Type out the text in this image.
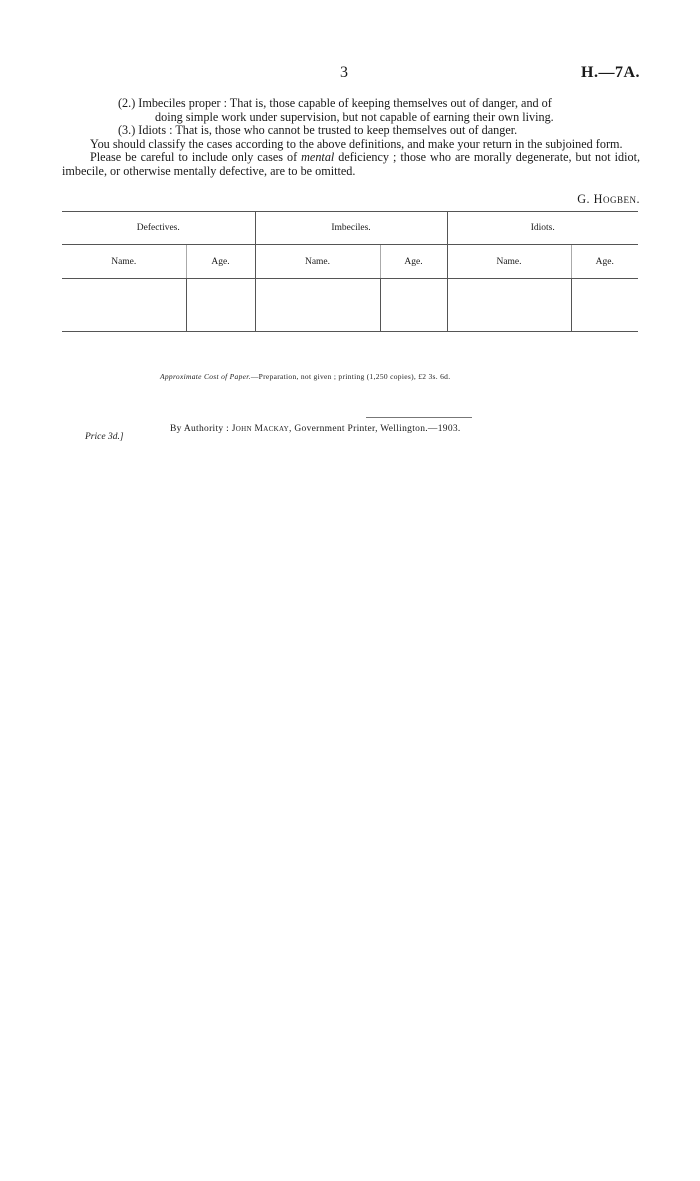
3	H.—7A.
(2.) Imbeciles proper : That is, those capable of keeping themselves out of danger, and of
doing simple work under supervision, but not capable of earning their own living.
(3.) Idiots : That is, those who cannot be trusted to keep themselves out of danger.
You should classify the cases according to the above definitions, and make your return in the subjoined form.
Please be careful to include only cases of mental deficiency ; those who are morally degenerate, but not idiot, imbecile, or otherwise mentally defective, are to be omitted.
G. Hogben.

Defectives.		Imbeciles.		Idiots.	
Name.	Age.	Name.	Age.	Name.	Age.

Approximate Cost of Paper.—Preparation, not given ; printing (1,250 copies), £2 3s. 6d.
By Authority : John Mackay, Government Printer, Wellington.—1903.
Price 3d.]
